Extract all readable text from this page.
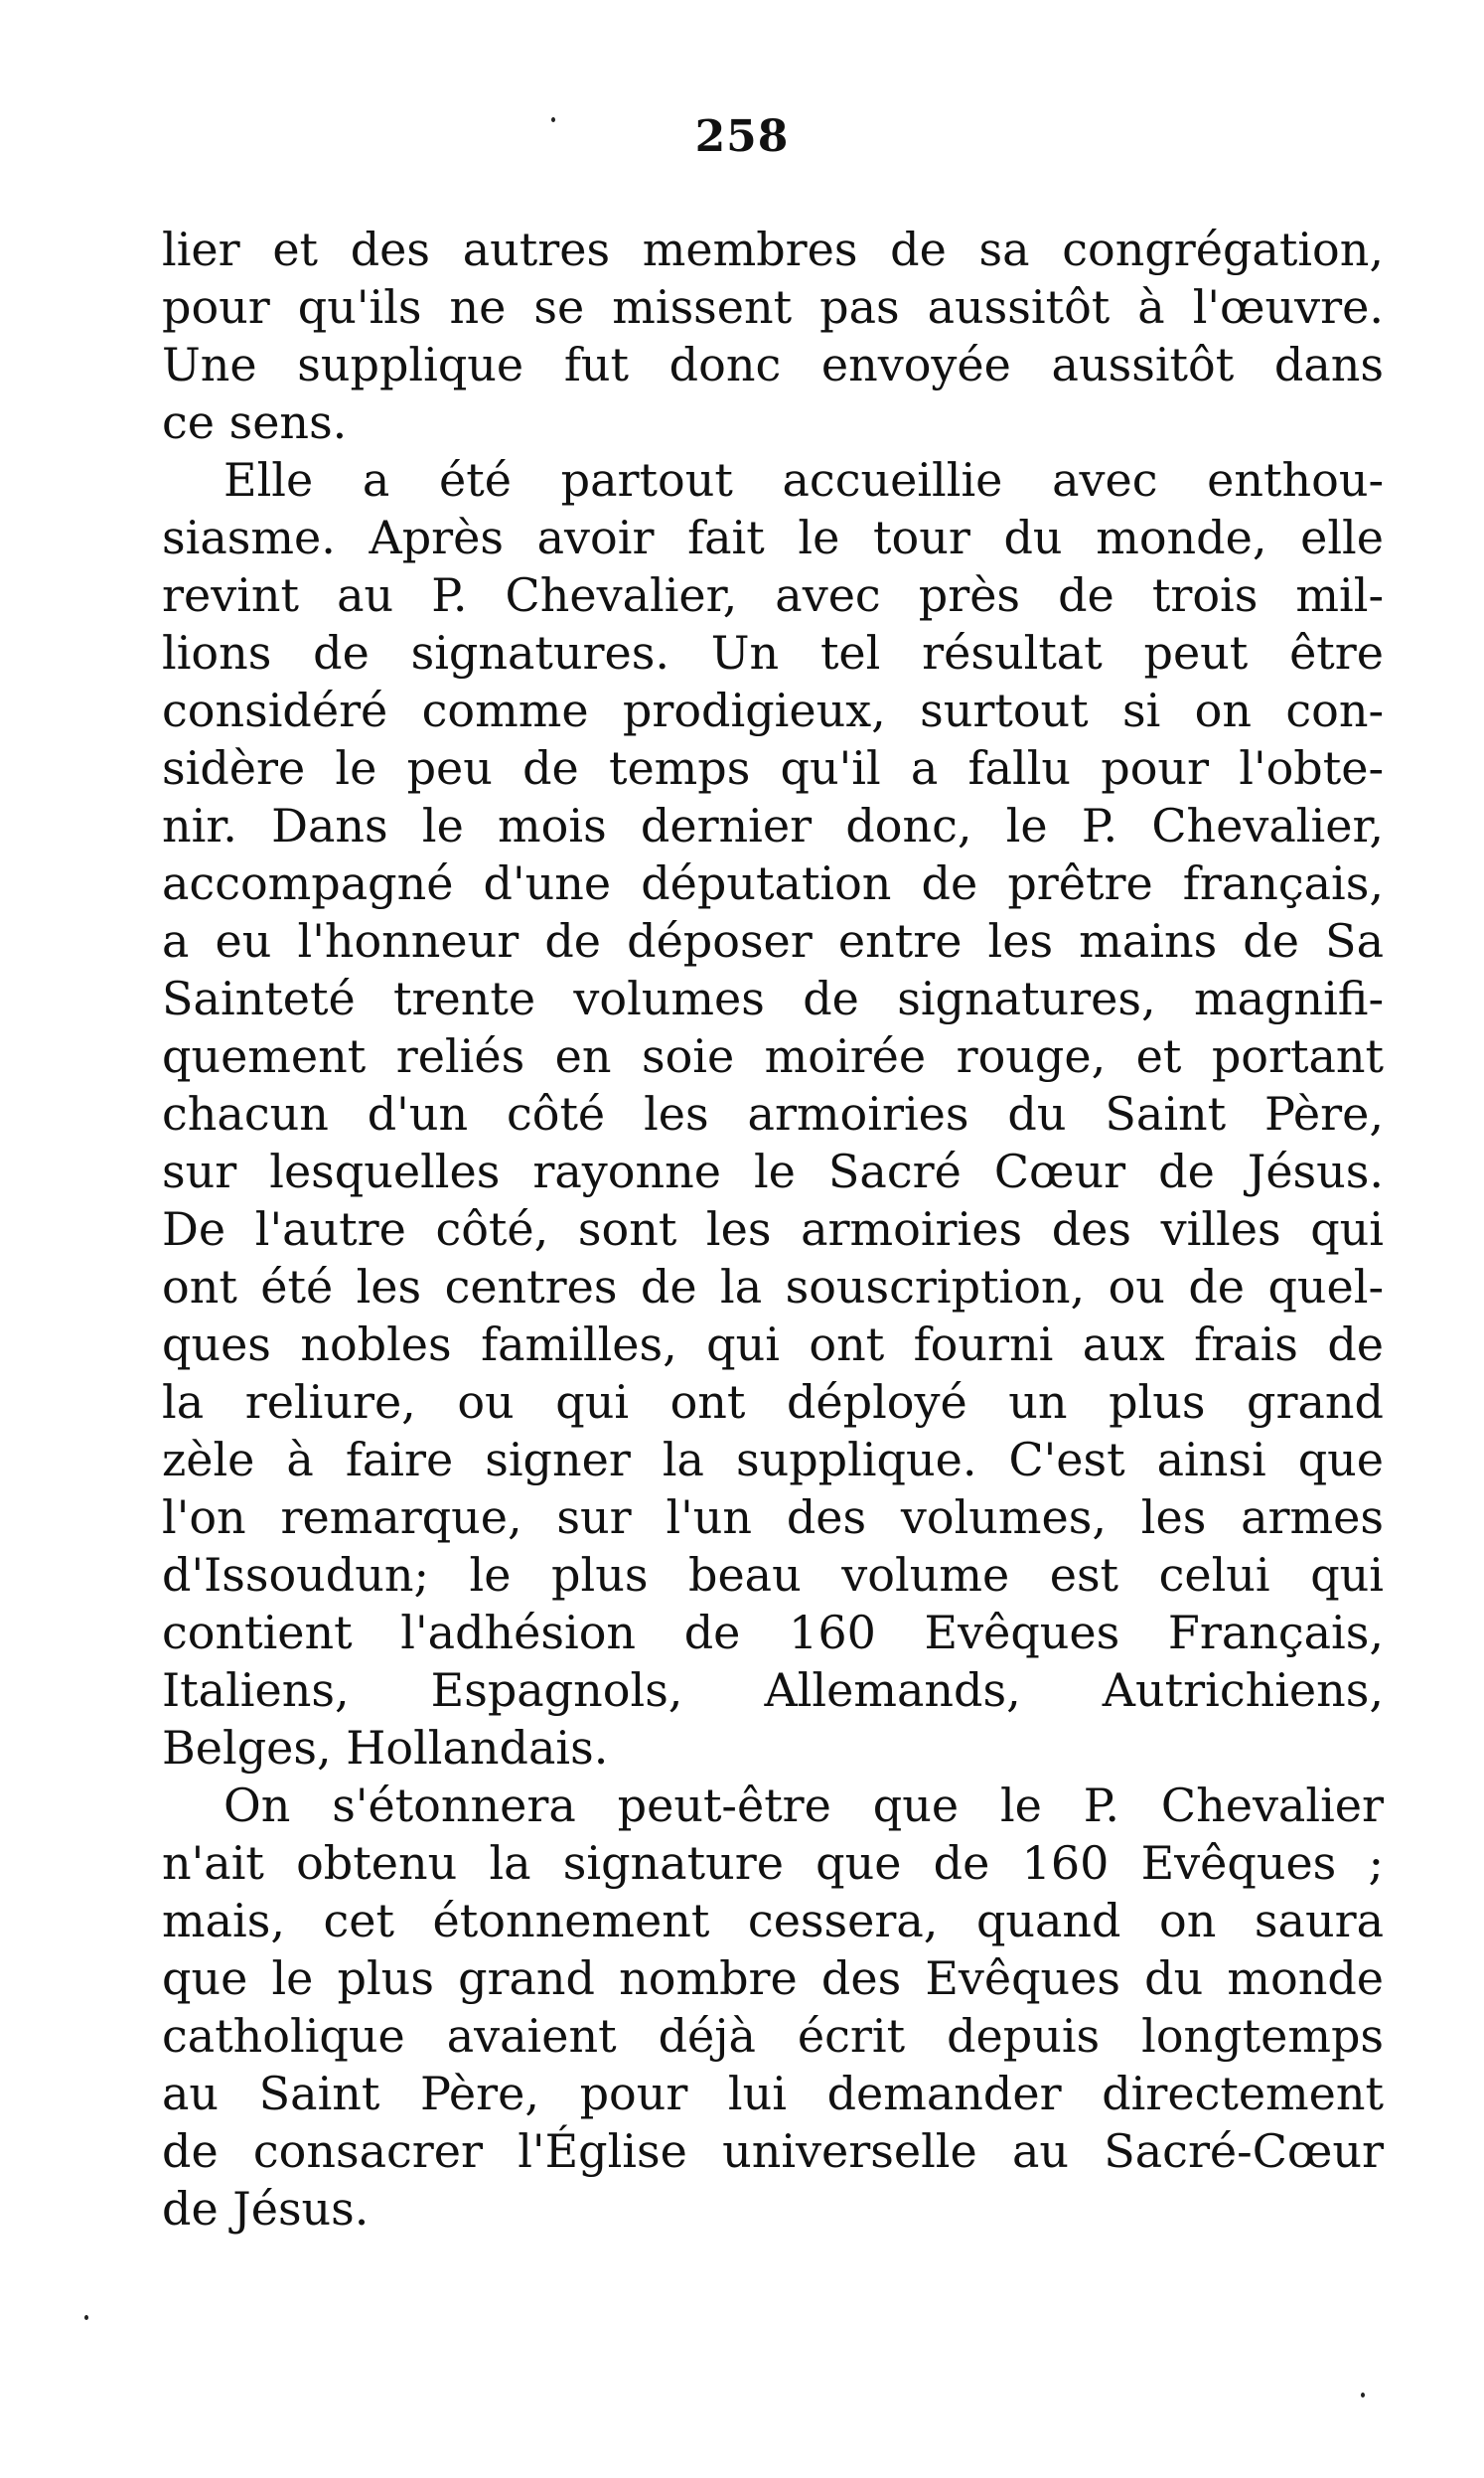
258
lier et des autres membres de sa congrégation,
pour qu'ils ne se missent pas aussitôt à l'œuvre.
Une supplique fut donc envoyée aussitôt dans
ce sens.
Elle a été partout accueillie avec enthou-
siasme. Après avoir fait le tour du monde, elle
revint au P. Chevalier, avec près de trois mil-
lions de signatures. Un tel résultat peut être
considéré comme prodigieux, surtout si on con-
sidère le peu de temps qu'il a fallu pour l'obte-
nir. Dans le mois dernier donc, le P. Chevalier,
accompagné d'une députation de prêtre français,
a eu l'honneur de déposer entre les mains de Sa
Sainteté trente volumes de signatures, magnifi-
quement reliés en soie moirée rouge, et portant
chacun d'un côté les armoiries du Saint Père,
sur lesquelles rayonne le Sacré Cœur de Jésus.
De l'autre côté, sont les armoiries des villes qui
ont été les centres de la souscription, ou de quel-
ques nobles familles, qui ont fourni aux frais de
la reliure, ou qui ont déployé un plus grand
zèle à faire signer la supplique. C'est ainsi que
l'on remarque, sur l'un des volumes, les armes
d'Issoudun; le plus beau volume est celui qui
contient l'adhésion de 160 Evêques Français,
Italiens, Espagnols, Allemands, Autrichiens,
Belges, Hollandais.
On s'étonnera peut-être que le P. Chevalier
n'ait obtenu la signature que de 160 Evêques ;
mais, cet étonnement cessera, quand on saura
que le plus grand nombre des Evêques du monde
catholique avaient déjà écrit depuis longtemps
au Saint Père, pour lui demander directement
de consacrer l'Église universelle au Sacré-Cœur
de Jésus.
